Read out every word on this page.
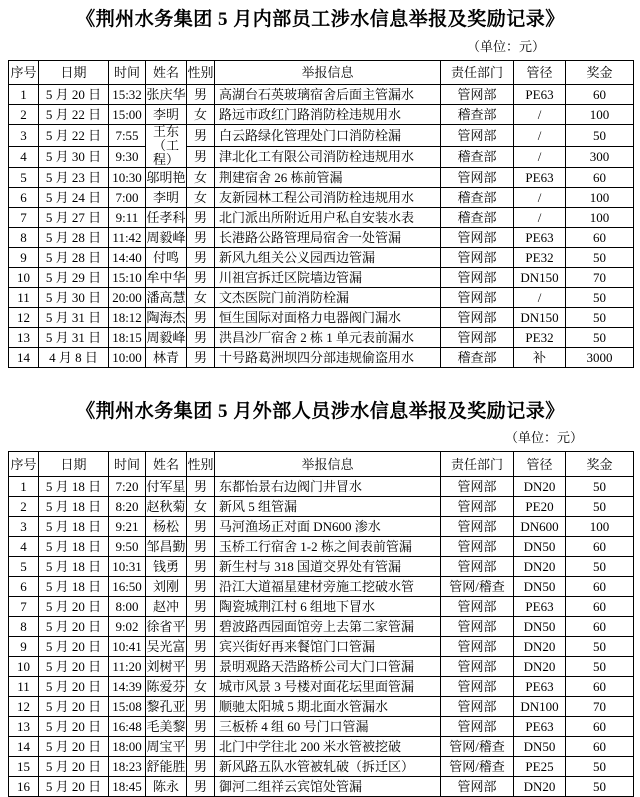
《荆州水务集团 5 月内部员工涉水信息举报及奖励记录》
（单位：元）
序号	日期	时间	姓名	性别	举报信息	责任部门	管径	奖金
1	5 月 20 日	15:32	张庆华	男	高湖台石英玻璃宿舍后面主管漏水	管网部	PE63	60
2	5 月 22 日	15:00	李明	女	路远市政红门路消防栓违规用水	稽查部	/	100
3	5 月 22 日	7:55	王东
（工程）	男	白云路绿化管理处门口消防栓漏	管网部	/	50
4	5 月 30 日	9:30		男	津北化工有限公司消防栓违规用水	稽查部	/	300
5	5 月 23 日	10:30	邬明艳	女	荆建宿舍 26 栋前管漏	管网部	PE63	60
6	5 月 24 日	7:00	李明	女	友新园林工程公司消防栓违规用水	稽查部	/	100
7	5 月 27 日	9:11	任孝科	男	北门派出所附近用户私自安装水表	稽查部	/	100
8	5 月 28 日	11:42	周毅峰	男	长港路公路管理局宿舍一处管漏	管网部	PE63	60
9	5 月 28 日	14:40	付鸣	男	新风九组关公义园西边管漏	管网部	PE32	50
10	5 月 29 日	15:10	牟中华	男	川祖宫拆迁区院墙边管漏	管网部	DN150	70
11	5 月 30 日	20:00	潘高慧	女	文杰医院门前消防栓漏	管网部	/	50
12	5 月 31 日	18:12	陶海杰	男	恒生国际对面格力电器阀门漏水	管网部	DN150	50
13	5 月 31 日	18:15	周毅峰	男	洪昌沙厂宿舍 2 栋 1 单元表前漏水	管网部	PE32	50
14	4 月 8 日	10:00	林青	男	十号路葛洲坝四分部违规偷盗用水	稽查部	补	3000
《荆州水务集团 5 月外部人员涉水信息举报及奖励记录》
（单位：元）
序号	日期	时间	姓名	性别	举报信息	责任部门	管径	奖金
1	5 月 18 日	7:20	付军星	男	东都怡景右边阀门井冒水	管网部	DN20	50
2	5 月 18 日	8:20	赵秋菊	女	新风 5 组管漏	管网部	PE20	50
3	5 月 18 日	9:21	杨松	男	马河渔场正对面 DN600 渗水	管网部	DN600	100
4	5 月 18 日	9:50	邹昌勤	男	玉桥工行宿舍 1-2 栋之间表前管漏	管网部	DN50	60
5	5 月 18 日	10:31	钱勇	男	新生村与 318 国道交界处有管漏	管网部	DN20	50
6	5 月 18 日	16:50	刘刚	男	沿江大道福星建材旁施工挖破水管	管网/稽查	DN50	60
7	5 月 20 日	8:00	赵冲	男	陶瓷城荆江村 6 组地下冒水	管网部	PE63	60
8	5 月 20 日	9:02	徐省平	男	碧波路西园面馆旁上去第二家管漏	管网部	DN50	60
9	5 月 20 日	10:41	吴光富	男	宾兴街好再来餐馆门口管漏	管网部	DN20	50
10	5 月 20 日	11:20	刘树平	男	景明观路天浩路桥公司大门口管漏	管网部	DN20	50
11	5 月 20 日	14:39	陈爱芬	女	城市风景 3 号楼对面花坛里面管漏	管网部	PE63	60
12	5 月 20 日	15:08	黎孔亚	男	顺驰太阳城 5 期北面水管漏水	管网部	DN100	70
13	5 月 20 日	16:48	毛美黎	男	三板桥 4 组 60 号门口管漏	管网部	PE63	60
14	5 月 20 日	18:00	周宝平	男	北门中学往北 200 米水管被挖破	管网/稽查	DN50	60
15	5 月 20 日	18:23	舒能胜	男	新风路五队水管被轧破（拆迁区）	管网/稽查	PE25	50
16	5 月 20 日	18:45	陈永	男	御河二组祥云宾馆处管漏	管网部	DN20	50
